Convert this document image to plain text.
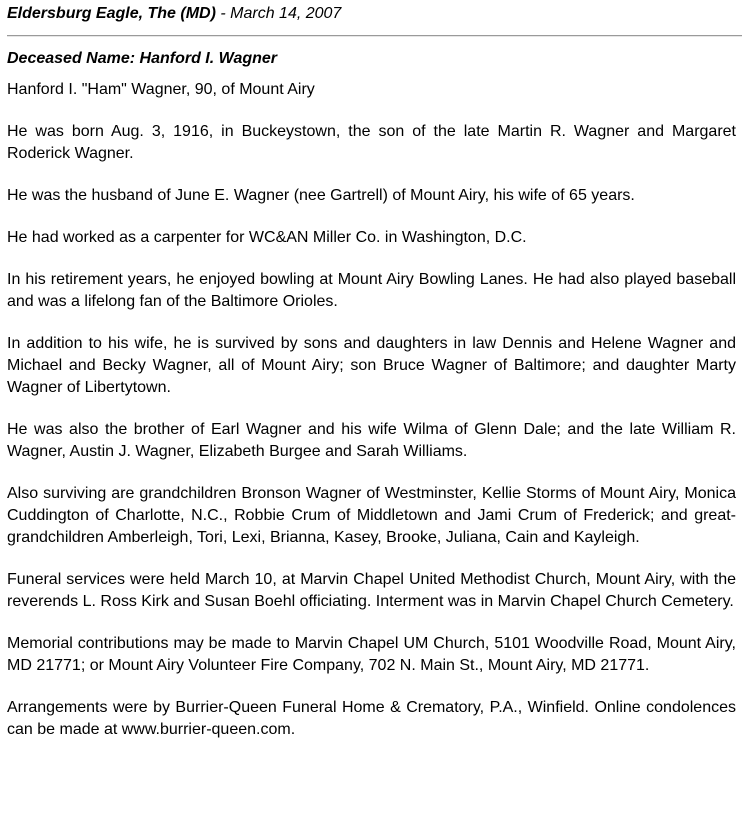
Eldersburg Eagle, The (MD) - March 14, 2007
Deceased Name: Hanford I. Wagner

Hanford I. "Ham" Wagner, 90, of Mount Airy

He was born Aug. 3, 1916, in Buckeystown, the son of the late Martin R. Wagner and Margaret Roderick Wagner.

He was the husband of June E. Wagner (nee Gartrell) of Mount Airy, his wife of 65 years.

He had worked as a carpenter for WC&AN Miller Co. in Washington, D.C.

In his retirement years, he enjoyed bowling at Mount Airy Bowling Lanes. He had also played baseball and was a lifelong fan of the Baltimore Orioles.

In addition to his wife, he is survived by sons and daughters in law Dennis and Helene Wagner and Michael and Becky Wagner, all of Mount Airy; son Bruce Wagner of Baltimore; and daughter Marty Wagner of Libertytown.

He was also the brother of Earl Wagner and his wife Wilma of Glenn Dale; and the late William R. Wagner, Austin J. Wagner, Elizabeth Burgee and Sarah Williams.

Also surviving are grandchildren Bronson Wagner of Westminster, Kellie Storms of Mount Airy, Monica Cuddington of Charlotte, N.C., Robbie Crum of Middletown and Jami Crum of Frederick; and great-grandchildren Amberleigh, Tori, Lexi, Brianna, Kasey, Brooke, Juliana, Cain and Kayleigh.

Funeral services were held March 10, at Marvin Chapel United Methodist Church, Mount Airy, with the reverends L. Ross Kirk and Susan Boehl officiating. Interment was in Marvin Chapel Church Cemetery.

Memorial contributions may be made to Marvin Chapel UM Church, 5101 Woodville Road, Mount Airy, MD 21771; or Mount Airy Volunteer Fire Company, 702 N. Main St., Mount Airy, MD 21771.

Arrangements were by Burrier-Queen Funeral Home & Crematory, P.A., Winfield. Online condolences can be made at www.burrier-queen.com.
